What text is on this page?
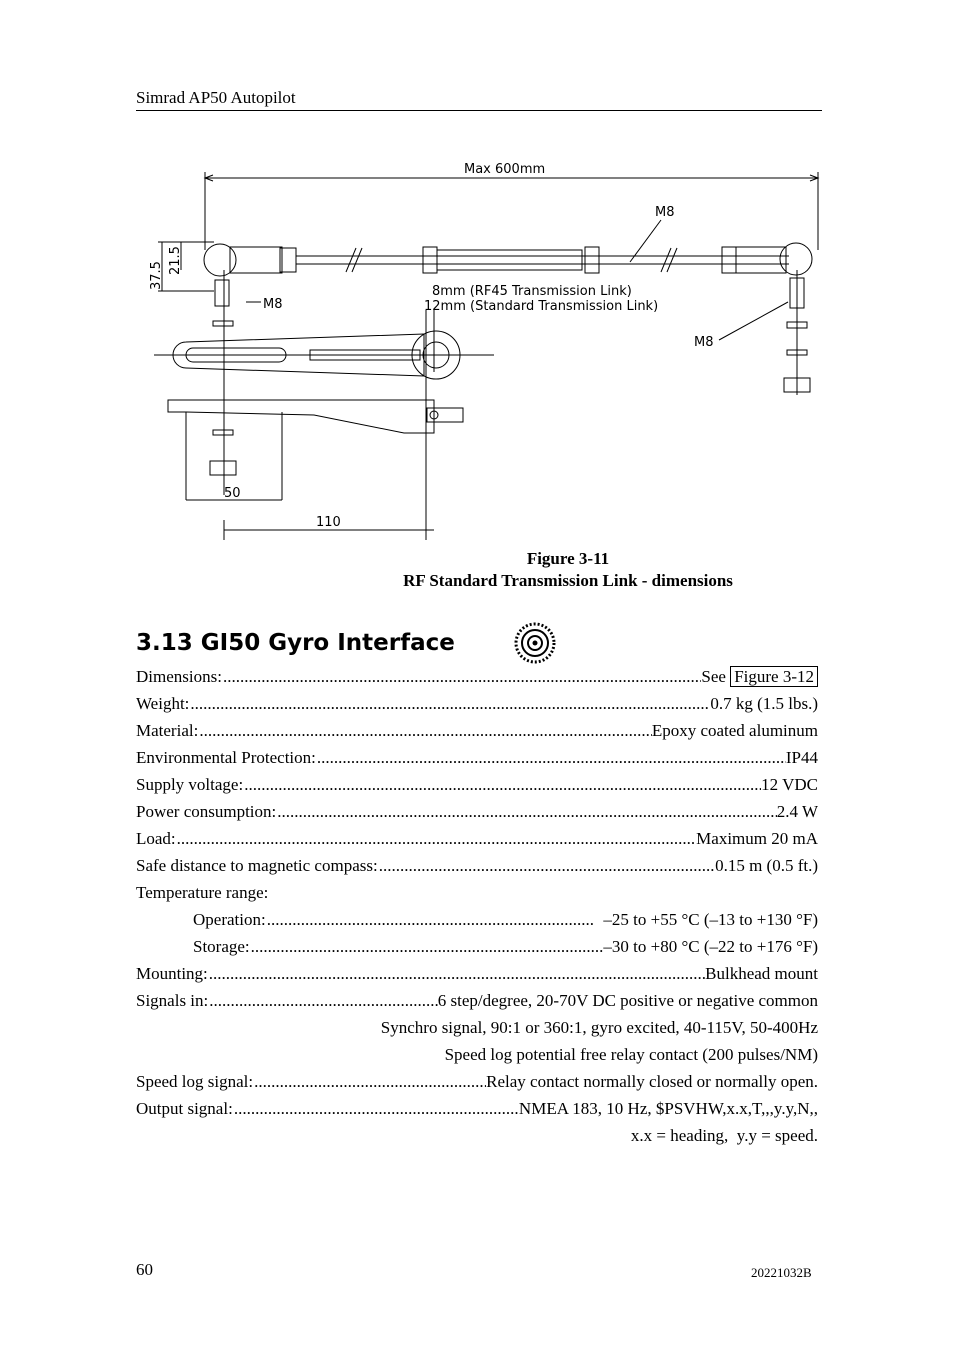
Simrad AP50 Autopilot
Max 600mm
M8
M8
M8
37.5
21.5
8mm (RF45 Transmission Link)
12mm (Standard Transmission Link)
50
110
Figure 3-11
RF Standard Transmission Link - dimensions
3.13 GI50 Gyro Interface
Dimensions: .....	See Figure 3-12
Weight: .....	0.7 kg (1.5 lbs.)
Material: .....	Epoxy coated aluminum
Environmental Protection: .....	IP44
Supply voltage: .....	12 VDC
Power consumption: .....	2.4 W
Load: .....	Maximum 20 mA
Safe distance to magnetic compass: .....	0.15 m (0.5 ft.)
Temperature range:
Operation: .....	–25 to +55 °C (–13 to +130 °F)
Storage: .....	–30 to +80 °C (–22 to +176 °F)
Mounting: .....	Bulkhead mount
Signals in: .....	6 step/degree, 20-70V DC positive or negative common
Synchro signal, 90:1 or 360:1, gyro excited, 40-115V, 50-400Hz
Speed log potential free relay contact (200 pulses/NM)
Speed log signal: .....	Relay contact normally closed or normally open.
Output signal: .....	NMEA 183, 10 Hz, $PSVHW,x.x,T,,,y.y,N,,
x.x = heading,  y.y = speed.
60	20221032B
